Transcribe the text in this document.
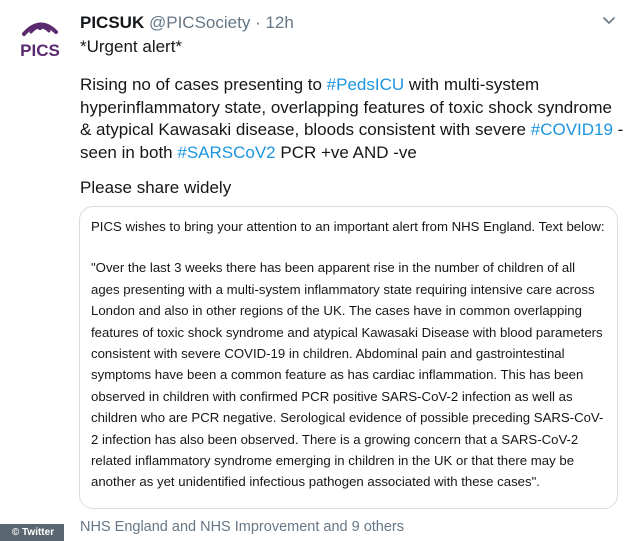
PICS
PICSUK @PICSociety · 12h
*Urgent alert*

Rising no of cases presenting to #PedsICU with multi-system hyperinflammatory state, overlapping features of toxic shock syndrome & atypical Kawasaki disease, bloods consistent with severe #COVID19 - seen in both #SARSCoV2 PCR +ve AND -ve

Please share widely

PICS wishes to bring your attention to an important alert from NHS England. Text below:

"Over the last 3 weeks there has been apparent rise in the number of children of all ages presenting with a multi-system inflammatory state requiring intensive care across London and also in other regions of the UK. The cases have in common overlapping features of toxic shock syndrome and atypical Kawasaki Disease with blood parameters consistent with severe COVID-19 in children. Abdominal pain and gastrointestinal symptoms have been a common feature as has cardiac inflammation. This has been observed in children with confirmed PCR positive SARS-CoV-2 infection as well as children who are PCR negative. Serological evidence of possible preceding SARS-CoV-2 infection has also been observed. There is a growing concern that a SARS-CoV-2 related inflammatory syndrome emerging in children in the UK or that there may be another as yet unidentified infectious pathogen associated with these cases".

NHS England and NHS Improvement and 9 others
© Twitter
